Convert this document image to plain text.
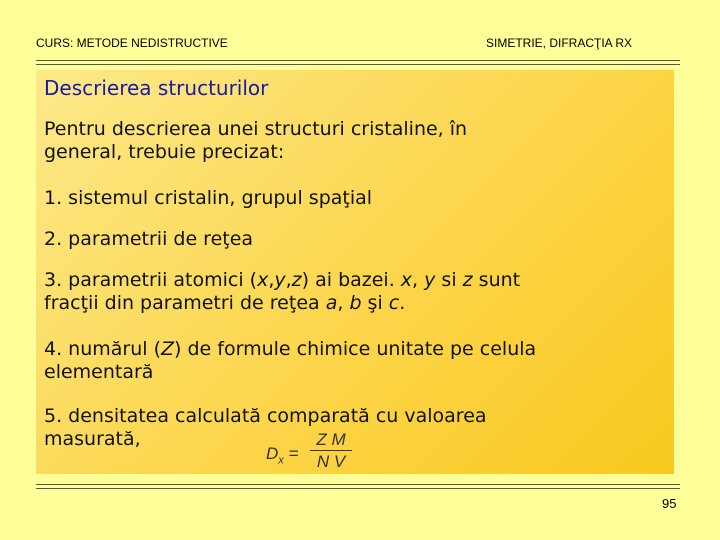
CURS: METODE NEDISTRUCTIVE	SIMETRIE, DIFRACŢIA RX
Descrierea structurilor
Pentru descrierea unei structuri cristaline, în
general, trebuie precizat:
1. sistemul cristalin, grupul spaţial
2. parametrii de reţea
3. parametrii atomici (x,y,z) ai bazei. x, y si z sunt
fracţii din parametri de reţea a, b şi c.
4. numărul (Z) de formule chimice unitate pe celula
elementară
5. densitatea calculată comparată cu valoarea
masurată,
$D_x$ =
Z M
N V
95
